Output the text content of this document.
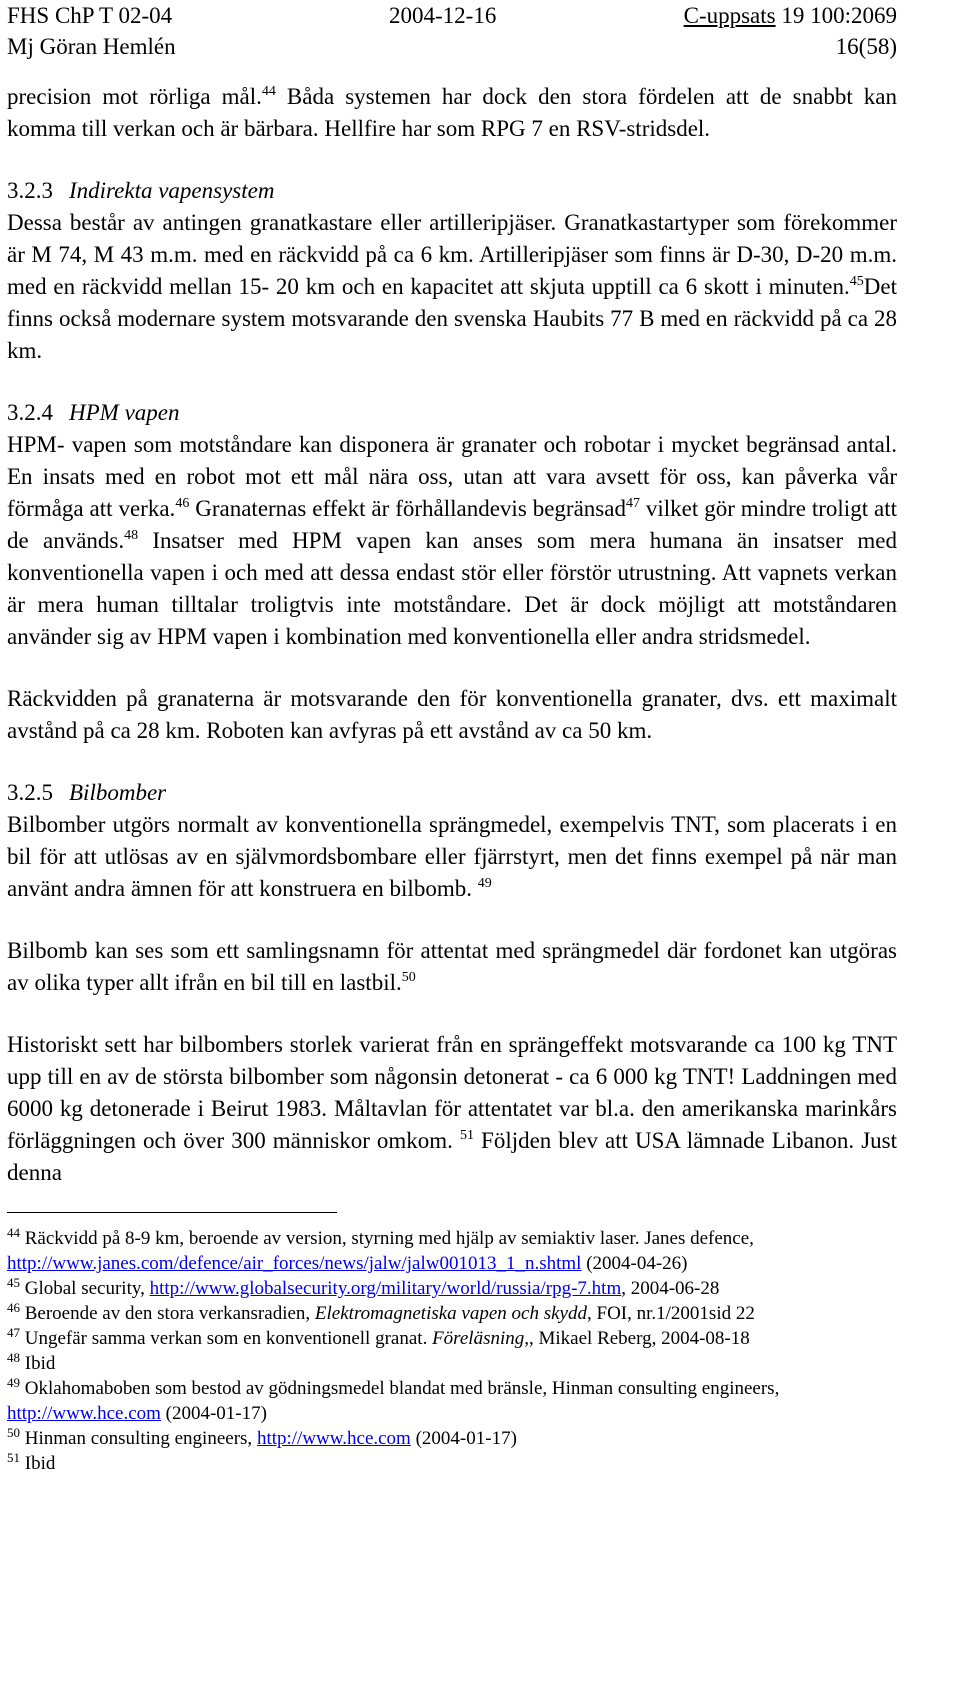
FHS ChP T 02-04	2004-12-16	C-uppsats 19 100:2069
Mj Göran Hemlén	16(58)

precision mot rörliga mål.$^{44}$ Båda systemen har dock den stora fördelen att de snabbt kan komma till verkan och är bärbara. Hellfire har som RPG 7 en RSV-stridsdel.

3.2.3 Indirekta vapensystem

Dessa består av antingen granatkastare eller artilleripjäser. Granatkastartyper som förekommer är M 74, M 43 m.m. med en räckvidd på ca 6 km. Artilleripjäser som finns är D-30, D-20 m.m. med en räckvidd mellan 15- 20 km och en kapacitet att skjuta upptill ca 6 skott i minuten.$^{45}$Det finns också modernare system motsvarande den svenska Haubits 77 B med en räckvidd på ca 28 km.

3.2.4 HPM vapen

HPM- vapen som motståndare kan disponera är granater och robotar i mycket begränsad antal. En insats med en robot mot ett mål nära oss, utan att vara avsett för oss, kan påverka vår förmåga att verka.$^{46}$ Granaternas effekt är förhållandevis begränsad$^{47}$ vilket gör mindre troligt att de används.$^{48}$ Insatser med HPM vapen kan anses som mera humana än insatser med konventionella vapen i och med att dessa endast stör eller förstör utrustning. Att vapnets verkan är mera human tilltalar troligtvis inte motståndare. Det är dock möjligt att motståndaren använder sig av HPM vapen i kombination med konventionella eller andra stridsmedel.

Räckvidden på granaterna är motsvarande den för konventionella granater, dvs. ett maximalt avstånd på ca 28 km. Roboten kan avfyras på ett avstånd av ca 50 km.

3.2.5 Bilbomber

Bilbomber utgörs normalt av konventionella sprängmedel, exempelvis TNT, som placerats i en bil för att utlösas av en självmordsbombare eller fjärrstyrt, men det finns exempel på när man använt andra ämnen för att konstruera en bilbomb. $^{49}$

Bilbomb kan ses som ett samlingsnamn för attentat med sprängmedel där fordonet kan utgöras av olika typer allt ifrån en bil till en lastbil.$^{50}$

Historiskt sett har bilbombers storlek varierat från en sprängeffekt motsvarande ca 100 kg TNT upp till en av de största bilbomber som någonsin detonerat - ca 6 000 kg TNT! Laddningen med 6000 kg detonerade i Beirut 1983. Måltavlan för attentatet var bl.a. den amerikanska marinkårs förläggningen och över 300 människor omkom. $^{51}$ Följden blev att USA lämnade Libanon. Just denna

$^{44}$ Räckvidd på 8-9 km, beroende av version, styrning med hjälp av semiaktiv laser. Janes defence,

http://www.janes.com/defence/air_forces/news/jalw/jalw001013_1_n.shtml (2004-04-26)

$^{45}$ Global security, http://www.globalsecurity.org/military/world/russia/rpg-7.htm, 2004-06-28

$^{46}$ Beroende av den stora verkansradien, Elektromagnetiska vapen och skydd, FOI, nr.1/2001sid 22

$^{47}$ Ungefär samma verkan som en konventionell granat. Föreläsning,, Mikael Reberg, 2004-08-18

$^{48}$ Ibid

$^{49}$ Oklahomaboben som bestod av gödningsmedel blandat med bränsle, Hinman consulting engineers,

http://www.hce.com (2004-01-17)

$^{50}$ Hinman consulting engineers, http://www.hce.com (2004-01-17)

$^{51}$ Ibid
